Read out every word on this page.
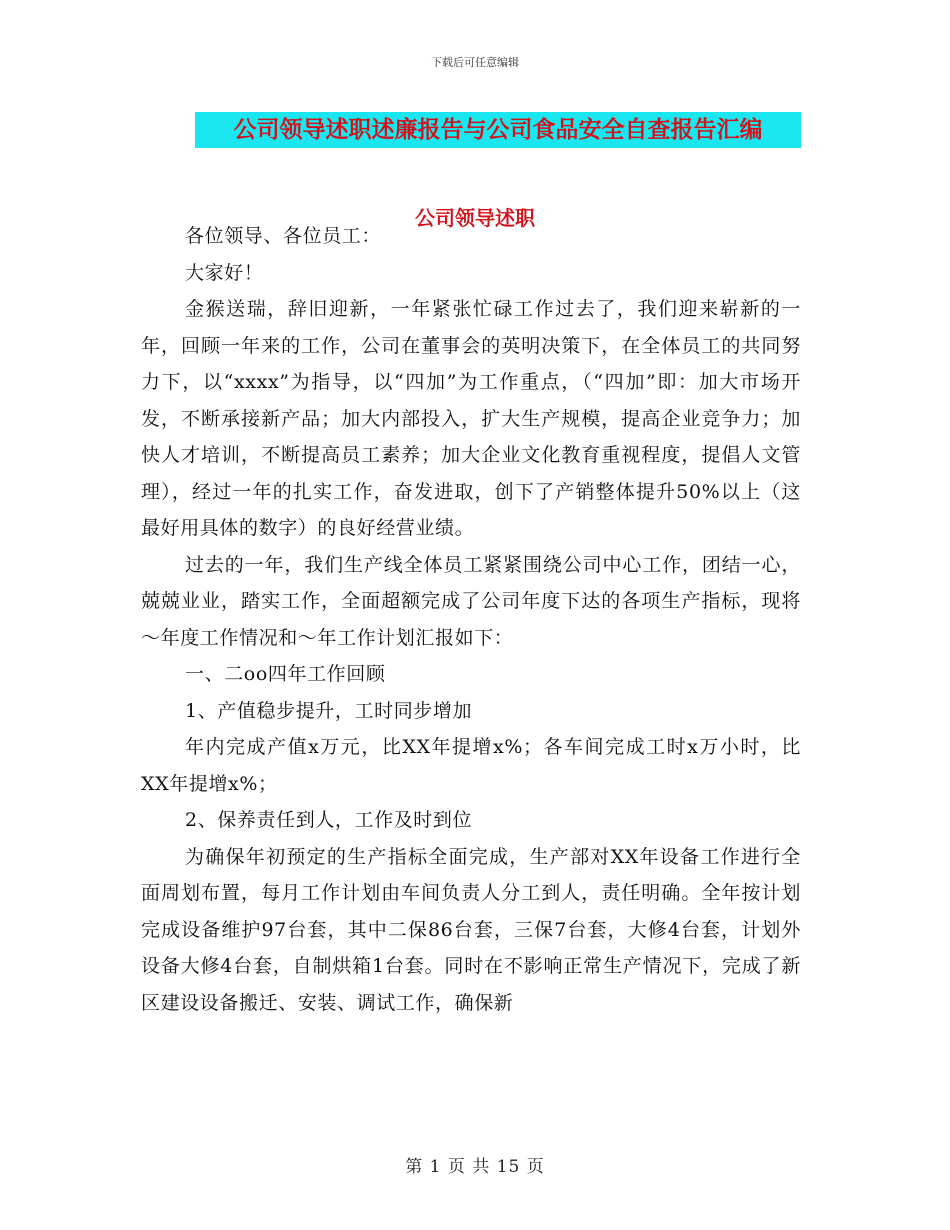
下载后可任意编辑
公司领导述职述廉报告与公司食品安全自查报告汇编
公司领导述职

各位领导、各位员工：

大家好！

金猴送瑞，辞旧迎新，一年紧张忙碌工作过去了，我们迎来崭新的一年，回顾一年来的工作，公司在董事会的英明决策下，在全体员工的共同努力下，以“xxxx”为指导，以“四加”为工作重点，（“四加”即：加大市场开发，不断承接新产品；加大内部投入，扩大生产规模，提高企业竞争力；加快人才培训，不断提高员工素养；加大企业文化教育重视程度，提倡人文管理），经过一年的扎实工作，奋发进取，创下了产销整体提升50%以上（这最好用具体的数字）的良好经营业绩。

过去的一年，我们生产线全体员工紧紧围绕公司中心工作，团结一心，兢兢业业，踏实工作，全面超额完成了公司年度下达的各项生产指标，现将～年度工作情况和～年工作计划汇报如下：

一、二oo四年工作回顾

1、产值稳步提升，工时同步增加

年内完成产值x万元，比XX年提增x%；各车间完成工时x万小时，比XX年提增x%；

2、保养责任到人，工作及时到位

为确保年初预定的生产指标全面完成，生产部对XX年设备工作进行全面周划布置，每月工作计划由车间负责人分工到人，责任明确。全年按计划完成设备维护97台套，其中二保86台套，三保7台套，大修4台套，计划外设备大修4台套，自制烘箱1台套。同时在不影响正常生产情况下，完成了新区建设设备搬迁、安装、调试工作，确保新

第 1 页 共 15 页
